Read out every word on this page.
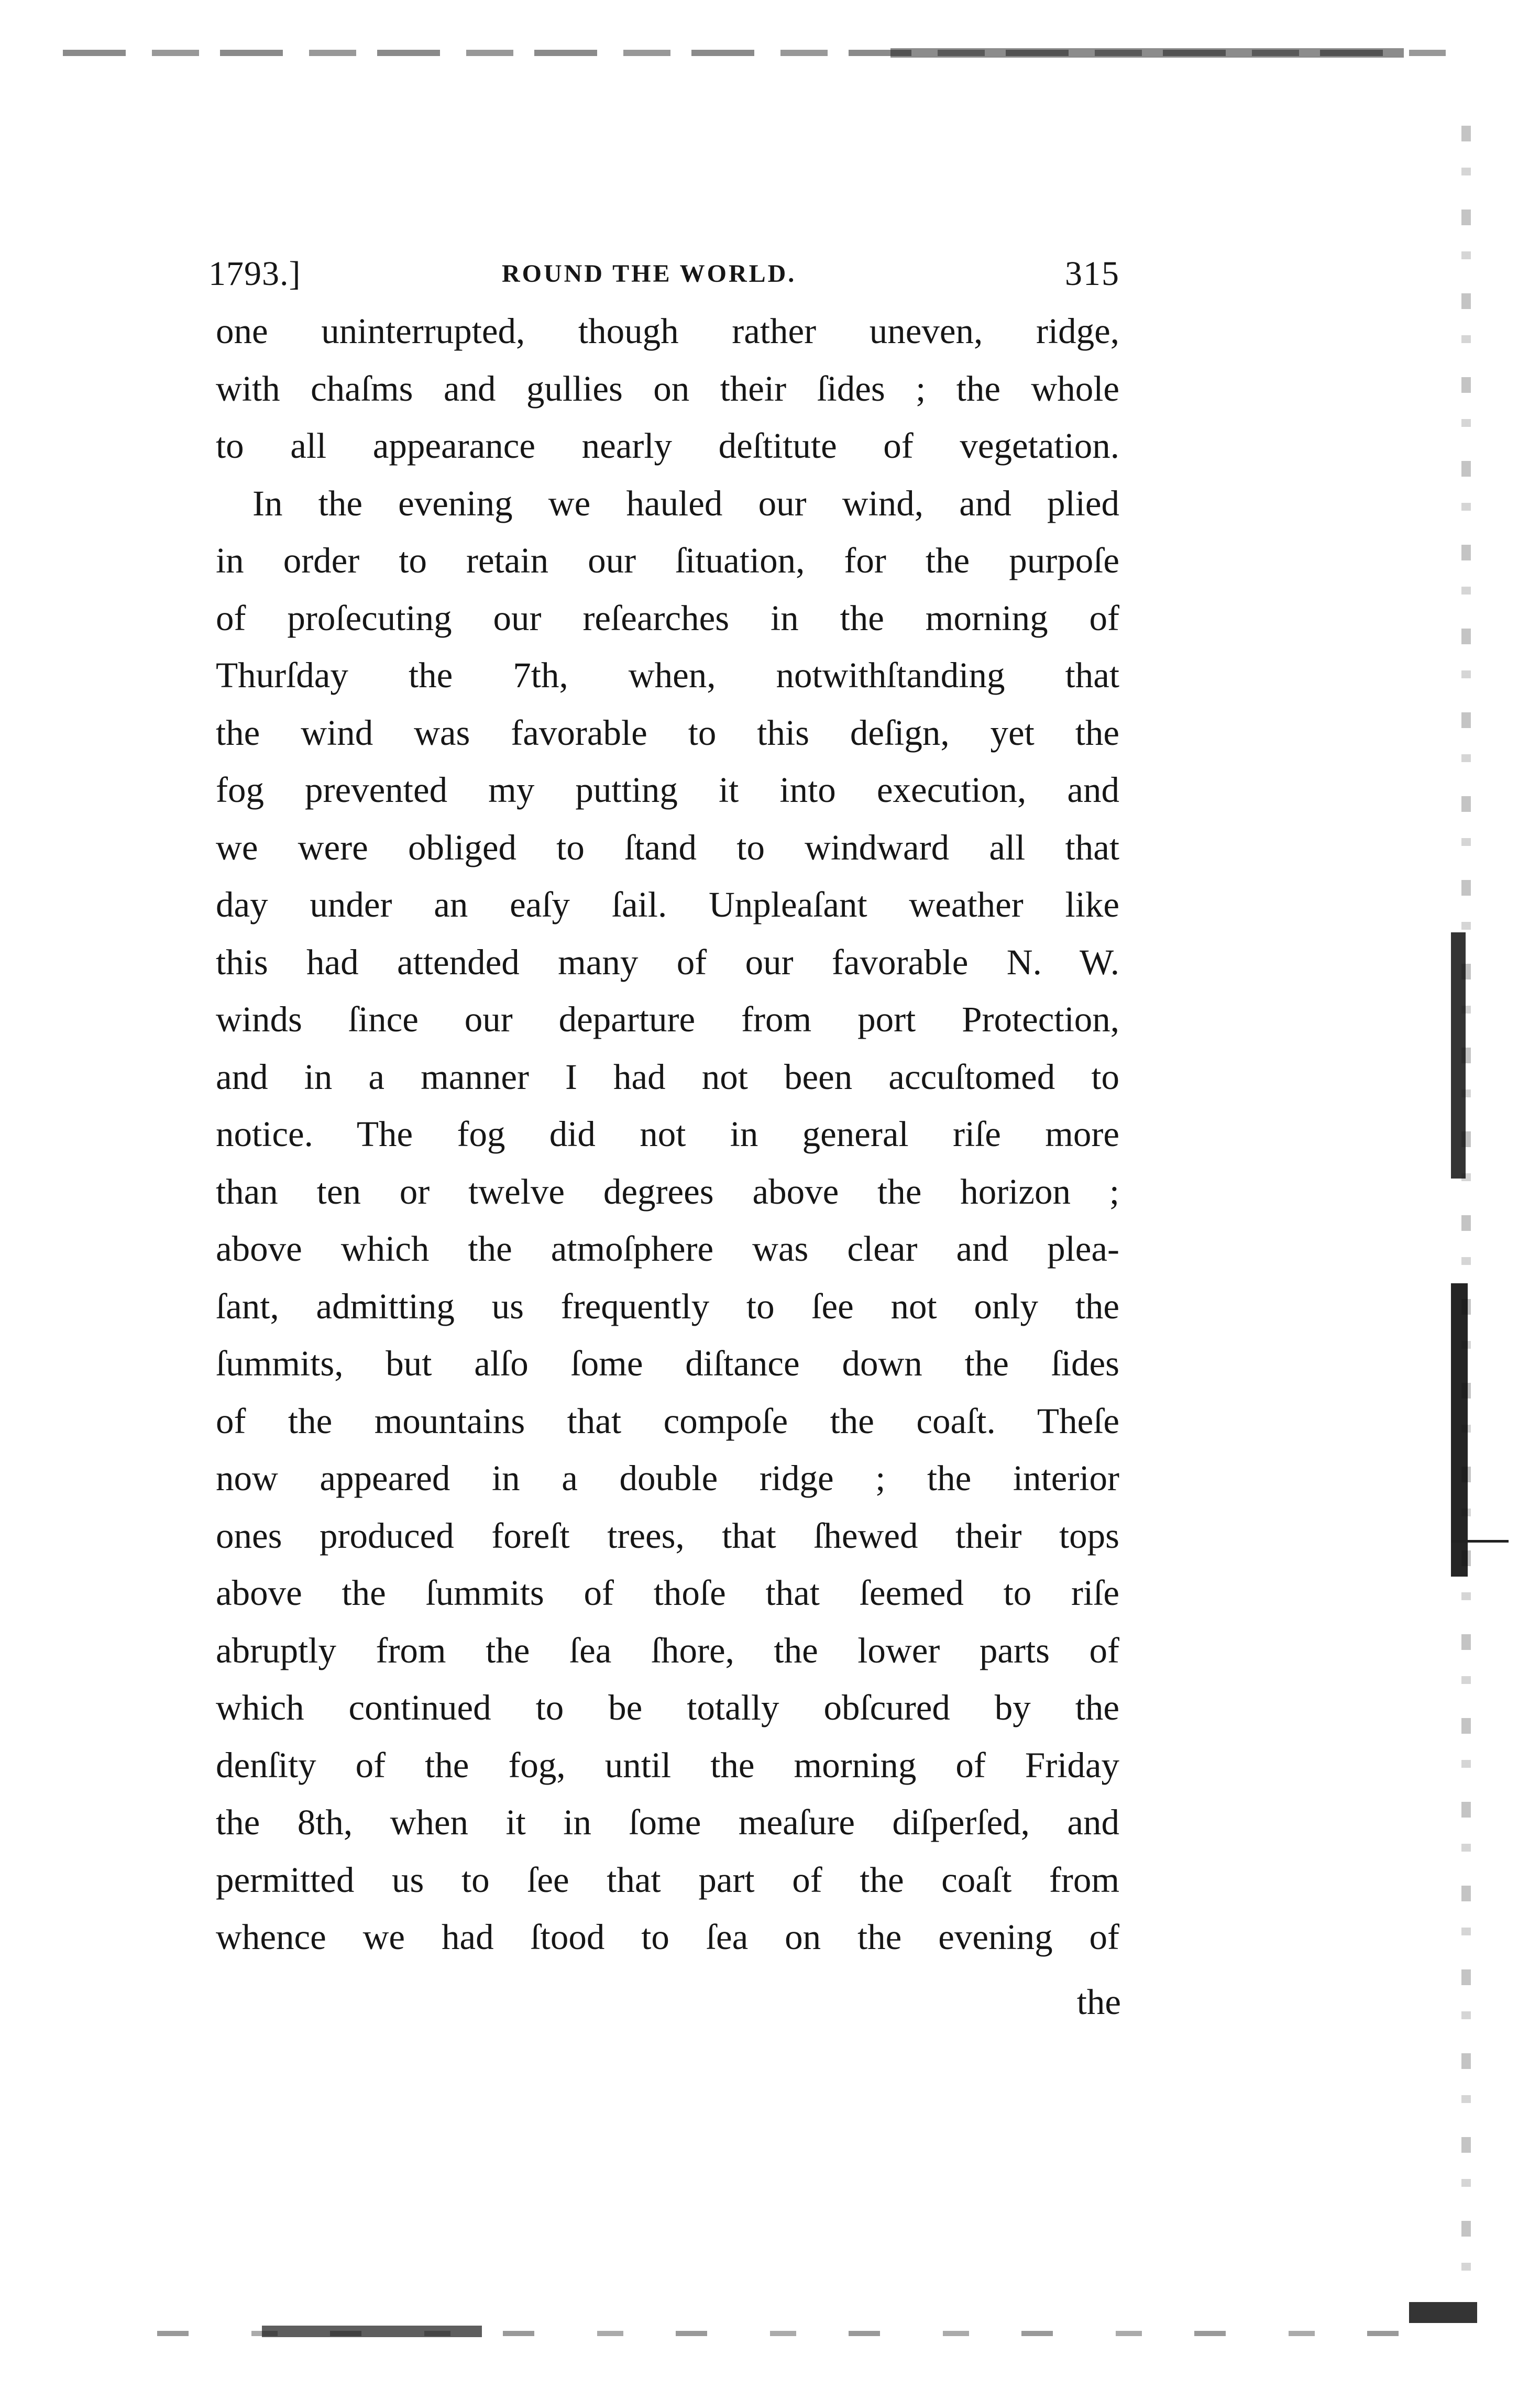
1793.]	ROUND THE WORLD.	315
one uninterrupted, though rather uneven, ridge,
with chaſms and gullies on their ſides ; the whole
to all appearance nearly deſtitute of vegetation.
In the evening we hauled our wind, and plied
in order to retain our ſituation, for the purpoſe
of proſecuting our reſearches in the morning of
Thurſday the 7th, when, notwithſtanding that
the wind was favorable to this deſign, yet the
fog prevented my putting it into execution, and
we were obliged to ſtand to windward all that
day under an eaſy ſail. Unpleaſant weather like
this had attended many of our favorable N. W.
winds ſince our departure from port Protection,
and in a manner I had not been accuſtomed to
notice. The fog did not in general riſe more
than ten or twelve degrees above the horizon ;
above which the atmoſphere was clear and plea-
ſant, admitting us frequently to ſee not only the
ſummits, but alſo ſome diſtance down the ſides
of the mountains that compoſe the coaſt. Theſe
now appeared in a double ridge ; the interior
ones produced foreſt trees, that ſhewed their tops
above the ſummits of thoſe that ſeemed to riſe
abruptly from the ſea ſhore, the lower parts of
which continued to be totally obſcured by the
denſity of the fog, until the morning of Friday
the 8th, when it in ſome meaſure diſperſed, and
permitted us to ſee that part of the coaſt from
whence we had ſtood to ſea on the evening of
the
